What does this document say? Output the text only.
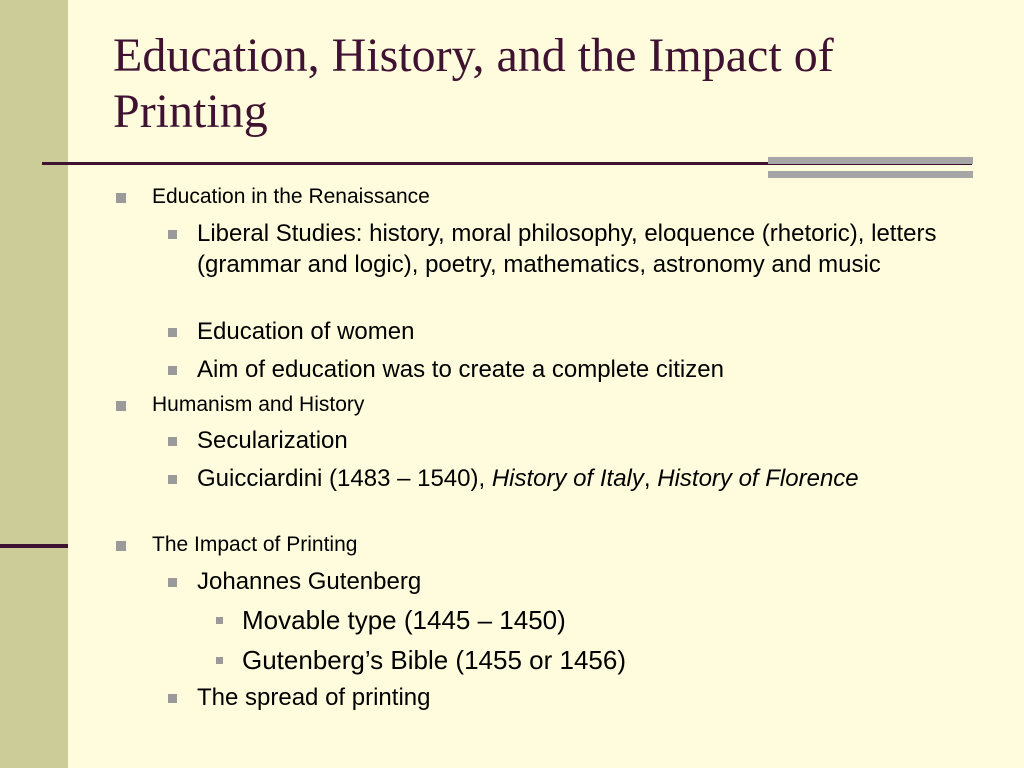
Education, History, and the Impact of Printing

Education in the Renaissance

Liberal Studies: history, moral philosophy, eloquence (rhetoric), letters (grammar and logic), poetry, mathematics, astronomy and music

Education of women

Aim of education was to create a complete citizen

Humanism and History

Secularization

Guicciardini (1483 – 1540), History of Italy, History of Florence

The Impact of Printing

Johannes Gutenberg

Movable type (1445 – 1450)

Gutenberg’s Bible (1455 or 1456)

The spread of printing
